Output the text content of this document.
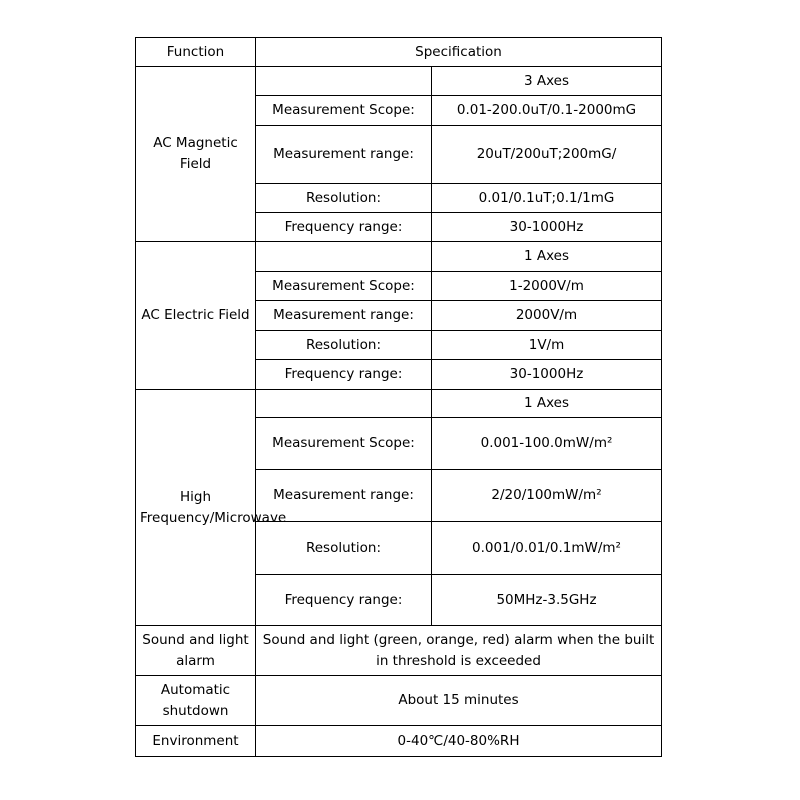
Function	Specification	
AC Magnetic Field		3 Axes
	Measurement Scope:	0.01-200.0uT/0.1-2000mG
	Measurement range:	20uT/200uT;200mG/
	Resolution:	0.01/0.1uT;0.1/1mG
	Frequency range:	30-1000Hz

AC Electric Field		1 Axes
	Measurement Scope:	1-2000V/m
	Measurement range:	2000V/m
	Resolution:	1V/m
	Frequency range:	30-1000Hz
High Frequency/Microwave		1 Axes
	Measurement Scope:	0.001-100.0mW/m²
	Measurement range:	2/20/100mW/m²
	Resolution:	0.001/0.01/0.1mW/m²
	Frequency range:	50MHz-3.5GHz
Sound and light alarm	Sound and light (green, orange, red) alarm when the built in threshold is exceeded	
Automatic shutdown	About 15 minutes	
Environment	0-40℃/40-80%RH	
